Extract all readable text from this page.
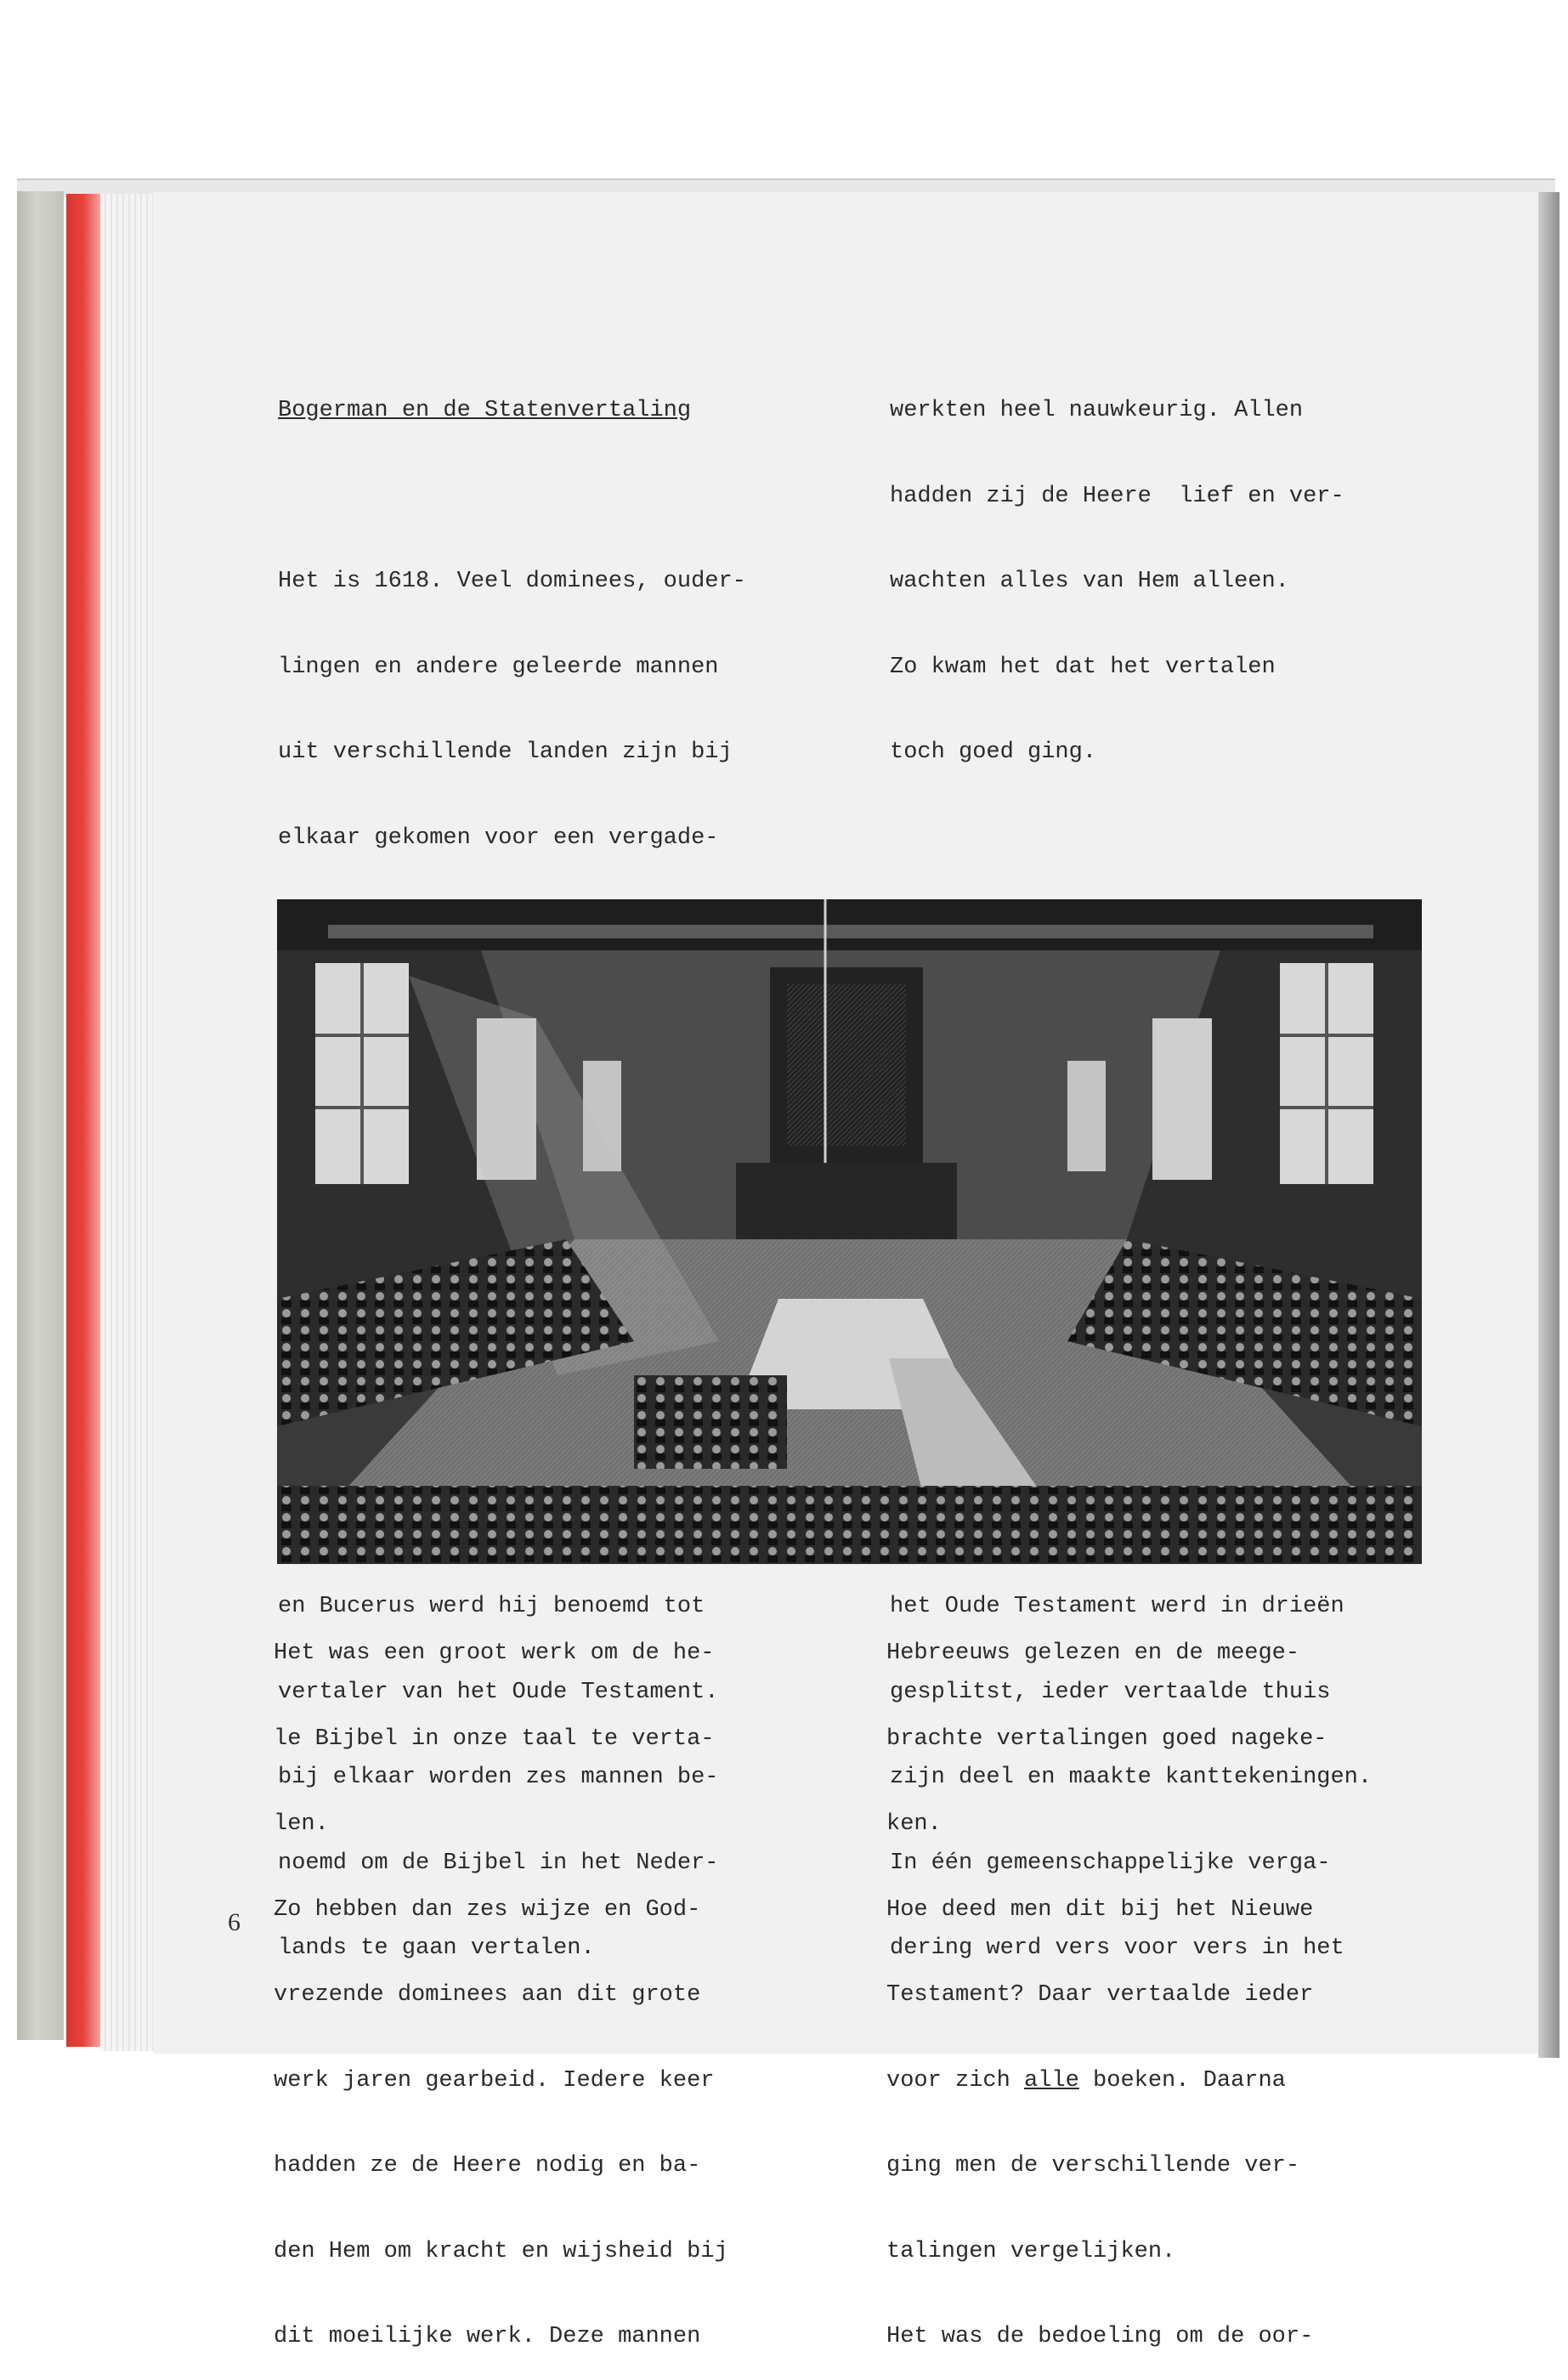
Bogerman en de Statenvertaling

Het is 1618. Veel dominees, ouder-

lingen en andere geleerde mannen

uit verschillende landen zijn bij

elkaar gekomen voor een vergade-

en Bucerus werd hij benoemd tot

vertaler van het Oude Testament.

bij elkaar worden zes mannen be-

noemd om de Bijbel in het Neder-

lands te gaan vertalen.

werkten heel nauwkeurig. Allen

hadden zij de Heere  lief en ver-

wachten alles van Hem alleen.

Zo kwam het dat het vertalen

toch goed ging.

het Oude Testament werd in drieën

gesplitst, ieder vertaalde thuis

zijn deel en maakte kanttekeningen.

In één gemeenschappelijke verga-

dering werd vers voor vers in het

Het was een groot werk om de he-

le Bijbel in onze taal te verta-

len.

Zo hebben dan zes wijze en God-

vrezende dominees aan dit grote

werk jaren gearbeid. Iedere keer

hadden ze de Heere nodig en ba-

den Hem om kracht en wijsheid bij

dit moeilijke werk. Deze mannen

Hebreeuws gelezen en de meege-

brachte vertalingen goed nageke-

ken.

Hoe deed men dit bij het Nieuwe

Testament? Daar vertaalde ieder

voor zich alle boeken. Daarna

ging men de verschillende ver-

talingen vergelijken.

Het was de bedoeling om de oor-

6
